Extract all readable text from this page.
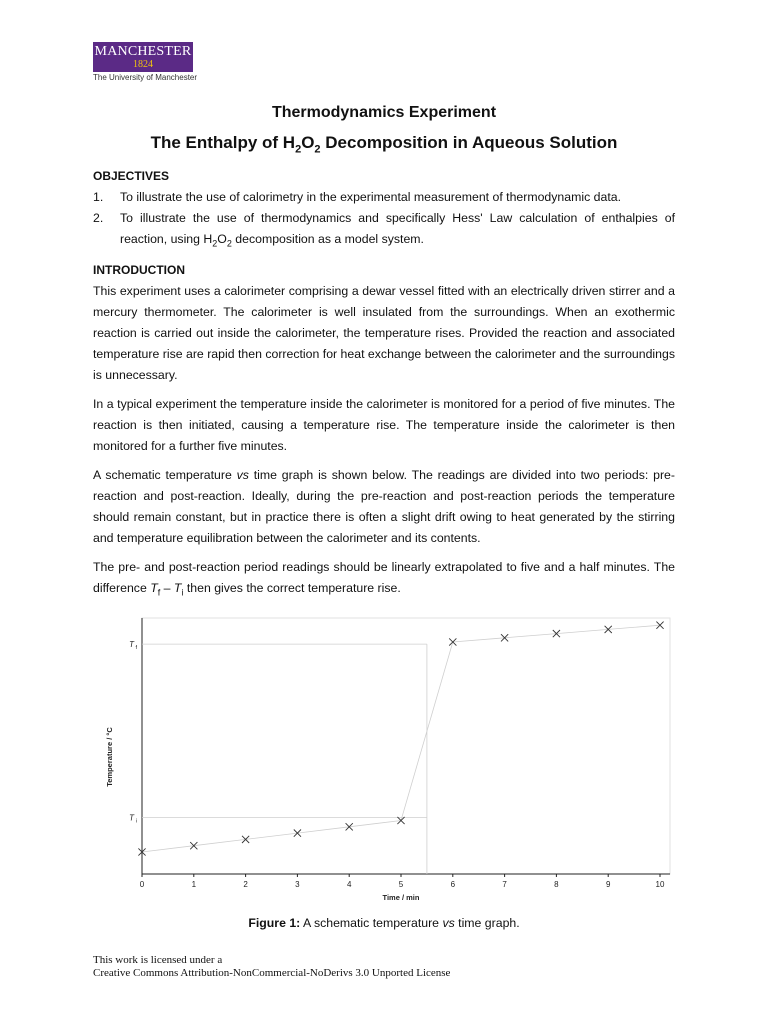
MANCHESTER
1824
The University of Manchester
Thermodynamics Experiment
The Enthalpy of $H_2O_2$ Decomposition in Aqueous Solution

OBJECTIVES

1. To illustrate the use of calorimetry in the experimental measurement of thermodynamic data.
2. To illustrate the use of thermodynamics and specifically Hess' Law calculation of enthalpies of reaction, using $H_2O_2$ decomposition as a model system.

INTRODUCTION

This experiment uses a calorimeter comprising a dewar vessel fitted with an electrically driven stirrer and a mercury thermometer. The calorimeter is well insulated from the surroundings. When an exothermic reaction is carried out inside the calorimeter, the temperature rises. Provided the reaction and associated temperature rise are rapid then correction for heat exchange between the calorimeter and the surroundings is unnecessary.

In a typical experiment the temperature inside the calorimeter is monitored for a period of five minutes. The reaction is then initiated, causing a temperature rise. The temperature inside the calorimeter is then monitored for a further five minutes.

A schematic temperature vs time graph is shown below. The readings are divided into two periods: pre-reaction and post-reaction. Ideally, during the pre-reaction and post-reaction periods the temperature should remain constant, but in practice there is often a slight drift owing to heat generated by the stirring and temperature equilibration between the calorimeter and its contents.

The pre- and post-reaction period readings should be linearly extrapolated to five and a half minutes. The difference $T_f - T_i$ then gives the correct temperature rise.

0	1	2	3	4	5	6	7	8	9	10
Time / min
Temperature / °C
T i
T f
Figure 1: A schematic temperature vs time graph.
This work is licensed under a
Creative Commons Attribution-NonCommercial-NoDerivs 3.0 Unported License
